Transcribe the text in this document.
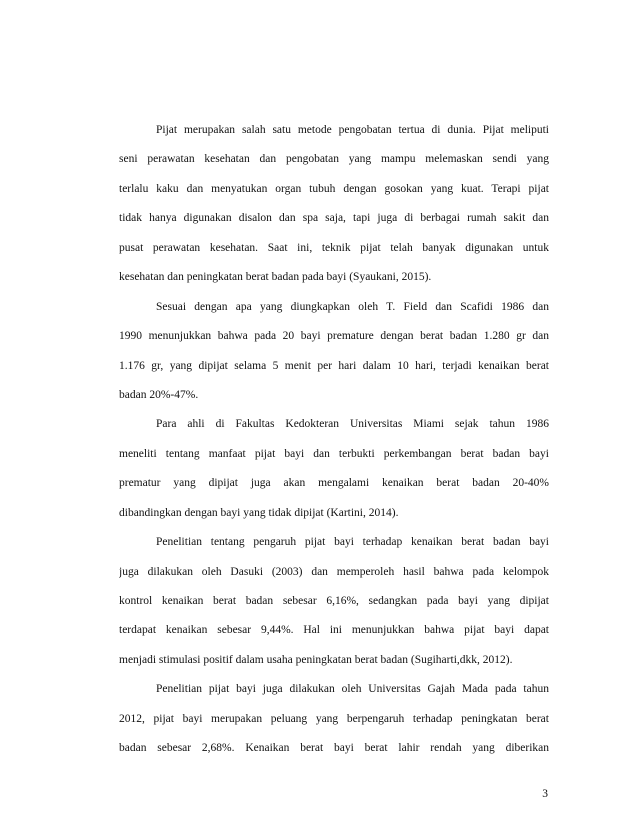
Pijat merupakan salah satu metode pengobatan tertua di dunia. Pijat meliputi
seni perawatan kesehatan dan pengobatan yang mampu melemaskan sendi yang
terlalu kaku dan menyatukan organ tubuh dengan gosokan yang kuat. Terapi pijat
tidak hanya digunakan disalon dan spa saja, tapi juga di berbagai rumah sakit dan
pusat perawatan kesehatan. Saat ini, teknik pijat telah banyak digunakan untuk
kesehatan dan peningkatan berat badan pada bayi (Syaukani, 2015).
Sesuai dengan apa yang diungkapkan oleh T. Field dan Scafidi 1986 dan
1990 menunjukkan bahwa pada 20 bayi premature dengan berat badan 1.280 gr dan
1.176 gr, yang dipijat selama 5 menit per hari dalam 10 hari, terjadi kenaikan berat
badan 20%-47%.
Para ahli di Fakultas Kedokteran Universitas Miami sejak tahun 1986
meneliti tentang manfaat pijat bayi dan terbukti perkembangan berat badan bayi
prematur yang dipijat juga akan mengalami kenaikan berat badan 20-40%
dibandingkan dengan bayi yang tidak dipijat (Kartini, 2014).
Penelitian tentang pengaruh pijat bayi terhadap kenaikan berat badan bayi
juga dilakukan oleh Dasuki (2003) dan memperoleh hasil bahwa pada kelompok
kontrol kenaikan berat badan sebesar 6,16%, sedangkan pada bayi yang dipijat
terdapat kenaikan sebesar 9,44%. Hal ini menunjukkan bahwa pijat bayi dapat
menjadi stimulasi positif dalam usaha peningkatan berat badan (Sugiharti,dkk, 2012).
Penelitian pijat bayi juga dilakukan oleh Universitas Gajah Mada pada tahun
2012, pijat bayi merupakan peluang yang berpengaruh terhadap peningkatan berat
badan sebesar 2,68%. Kenaikan berat bayi berat lahir rendah yang diberikan
3
